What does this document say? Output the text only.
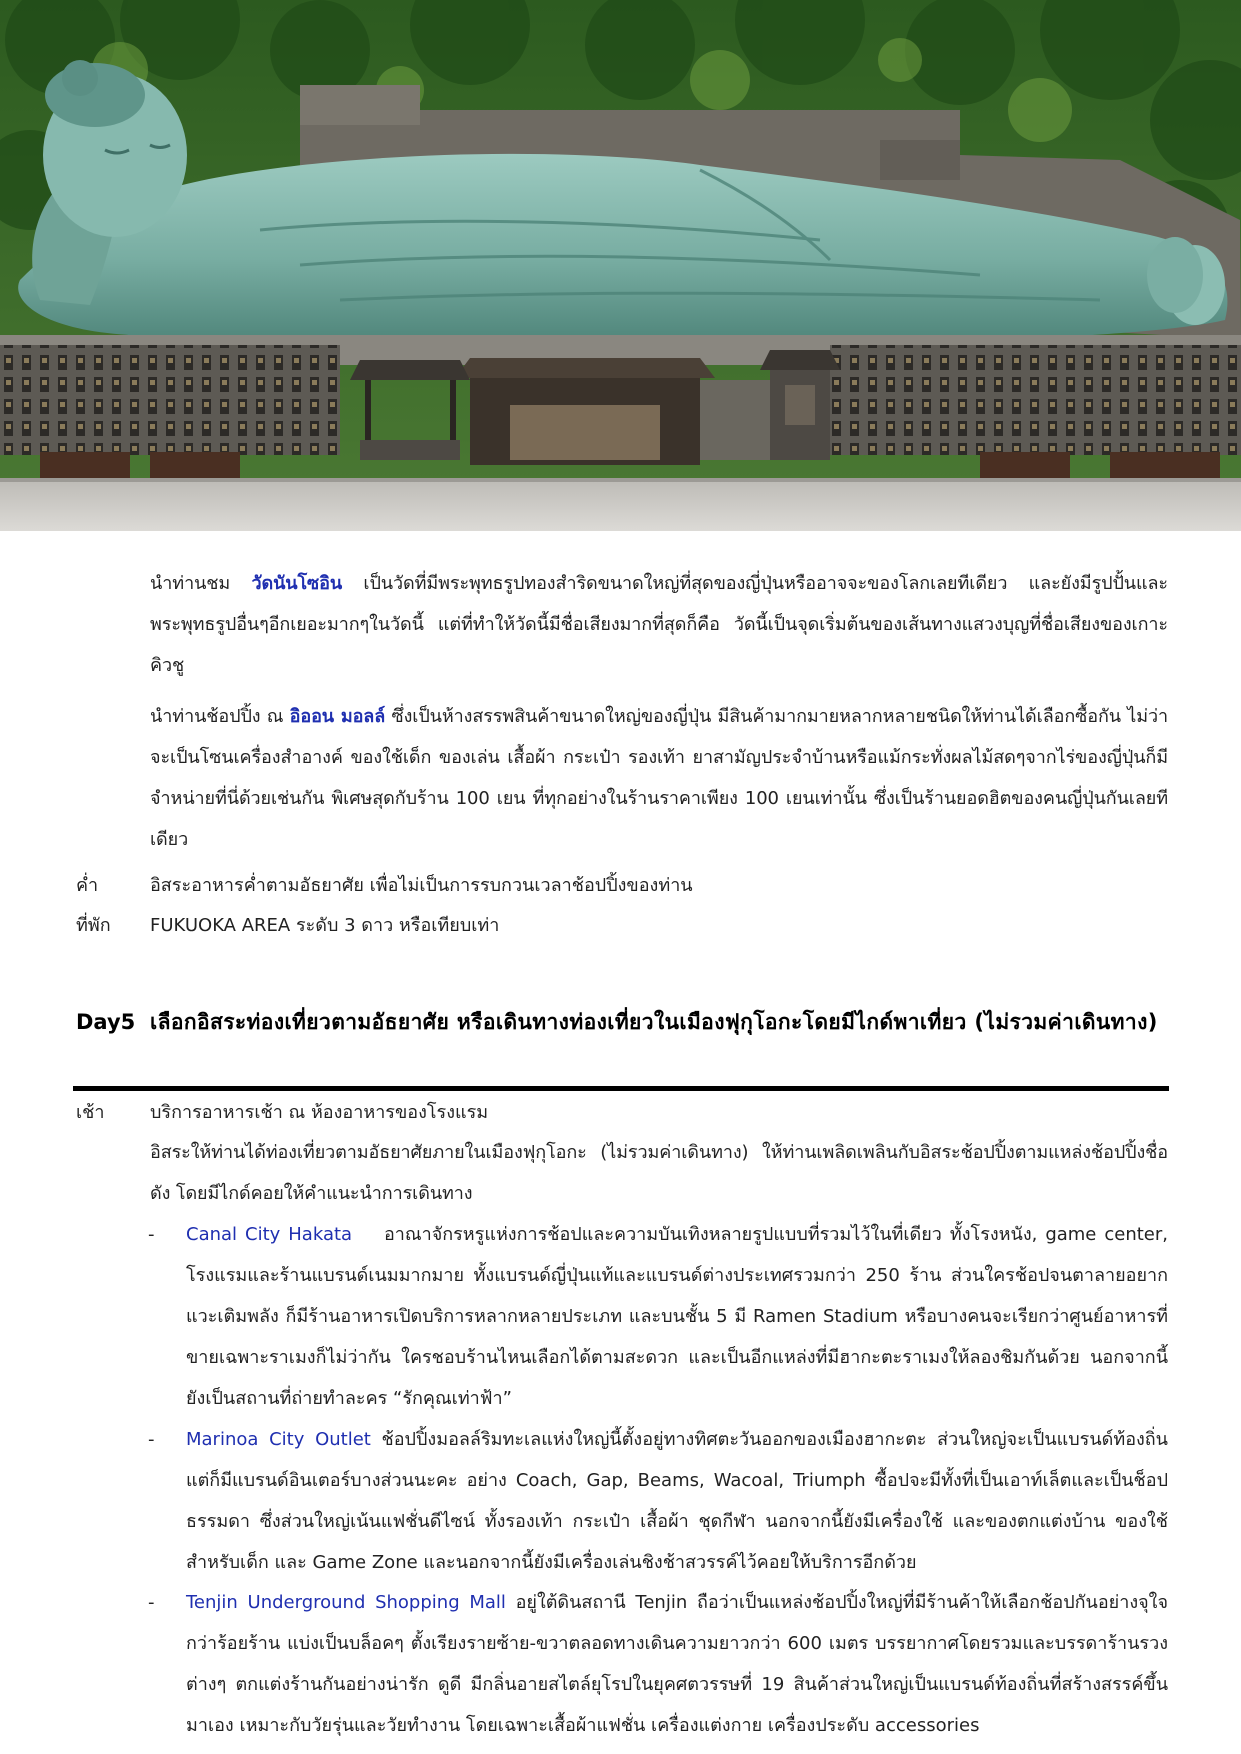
นำท่านชม วัดนันโซอิน เป็นวัดที่มีพระพุทธรูปทองสำริดขนาดใหญ่ที่สุดของญี่ปุ่นหรืออาจจะของโลกเลยทีเดียว และยังมีรูปปั้นและพระพุทธรูปอื่นๆอีกเยอะมากๆในวัดนี้ แต่ที่ทำให้วัดนี้มีชื่อเสียงมากที่สุดก็คือ วัดนี้เป็นจุดเริ่มต้นของเส้นทางแสวงบุญที่ชื่อเสียงของเกาะคิวชู
นำท่านช้อปปิ้ง ณ อิออน มอลล์ ซึ่งเป็นห้างสรรพสินค้าขนาดใหญ่ของญี่ปุ่น มีสินค้ามากมายหลากหลายชนิดให้ท่านได้เลือกซื้อกัน ไม่ว่าจะเป็นโซนเครื่องสำอางค์ ของใช้เด็ก ของเล่น เสื้อผ้า กระเป๋า รองเท้า ยาสามัญประจำบ้านหรือแม้กระทั่งผลไม้สดๆจากไร่ของญี่ปุ่นก็มีจำหน่ายที่นี่ด้วยเช่นกัน พิเศษสุดกับร้าน 100 เยน ที่ทุกอย่างในร้านราคาเพียง 100 เยนเท่านั้น ซึ่งเป็นร้านยอดฮิตของคนญี่ปุ่นกันเลยทีเดียว
ค่ำ	อิสระอาหารค่ำตามอัธยาศัย เพื่อไม่เป็นการรบกวนเวลาช้อปปิ้งของท่าน
ที่พัก	FUKUOKA AREA ระดับ 3 ดาว หรือเทียบเท่า
Day5 เลือกอิสระท่องเที่ยวตามอัธยาศัย หรือเดินทางท่องเที่ยวในเมืองฟุกุโอกะโดยมีไกด์พาเที่ยว (ไม่รวมค่าเดินทาง)
เช้า	บริการอาหารเช้า ณ ห้องอาหารของโรงแรม
อิสระให้ท่านได้ท่องเที่ยวตามอัธยาศัยภายในเมืองฟุกุโอกะ (ไม่รวมค่าเดินทาง) ให้ท่านเพลิดเพลินกับอิสระช้อปปิ้งตามแหล่งช้อปปิ้งชื่อดัง โดยมีไกด์คอยให้คำแนะนำการเดินทาง
- Canal City Hakata    อาณาจักรหรูแห่งการช้อปและความบันเทิงหลายรูปแบบที่รวมไว้ในที่เดียว ทั้งโรงหนัง, game center, โรงแรมและร้านแบรนด์เนมมากมาย ทั้งแบรนด์ญี่ปุ่นแท้และแบรนด์ต่างประเทศรวมกว่า 250 ร้าน ส่วนใครช้อปจนตาลายอยากแวะเติมพลัง ก็มีร้านอาหารเปิดบริการหลากหลายประเภท และบนชั้น 5 มี Ramen Stadium หรือบางคนจะเรียกว่าศูนย์อาหารที่ขายเฉพาะราเมงก็ไม่ว่ากัน ใครชอบร้านไหนเลือกได้ตามสะดวก และเป็นอีกแหล่งที่มีฮากะตะราเมงให้ลองชิมกันด้วย นอกจากนี้ยังเป็นสถานที่ถ่ายทำละคร “รักคุณเท่าฟ้า”
- Marinoa City Outlet ช้อปปิ้งมอลล์ริมทะเลแห่งใหญ่นี้ตั้งอยู่ทางทิศตะวันออกของเมืองฮากะตะ ส่วนใหญ่จะเป็นแบรนด์ท้องถิ่น แต่ก็มีแบรนด์อินเตอร์บางส่วนนะคะ อย่าง Coach, Gap, Beams, Wacoal, Triumph ซื้อปจะมีทั้งที่เป็นเอาท์เล็ตและเป็นช็อปธรรมดา ซึ่งส่วนใหญ่เน้นแฟชั่นดีไซน์ ทั้งรองเท้า กระเป๋า เสื้อผ้า ชุดกีฬา นอกจากนี้ยังมีเครื่องใช้ และของตกแต่งบ้าน ของใช้สำหรับเด็ก และ Game Zone และนอกจากนี้ยังมีเครื่องเล่นชิงช้าสวรรค์ไว้คอยให้บริการอีกด้วย
- Tenjin Underground Shopping Mall อยู่ใต้ดินสถานี Tenjin ถือว่าเป็นแหล่งช้อปปิ้งใหญ่ที่มีร้านค้าให้เลือกช้อปกันอย่างจุใจกว่าร้อยร้าน แบ่งเป็นบล็อคๆ ตั้งเรียงรายซ้าย-ขวาตลอดทางเดินความยาวกว่า 600 เมตร บรรยากาศโดยรวมและบรรดาร้านรวงต่างๆ ตกแต่งร้านกันอย่างน่ารัก ดูดี มีกลิ่นอายสไตล์ยุโรปในยุคศตวรรษที่ 19 สินค้าส่วนใหญ่เป็นแบรนด์ท้องถิ่นที่สร้างสรรค์ขึ้นมาเอง เหมาะกับวัยรุ่นและวัยทำงาน โดยเฉพาะเสื้อผ้าแฟชั่น เครื่องแต่งกาย เครื่องประดับ accessories
